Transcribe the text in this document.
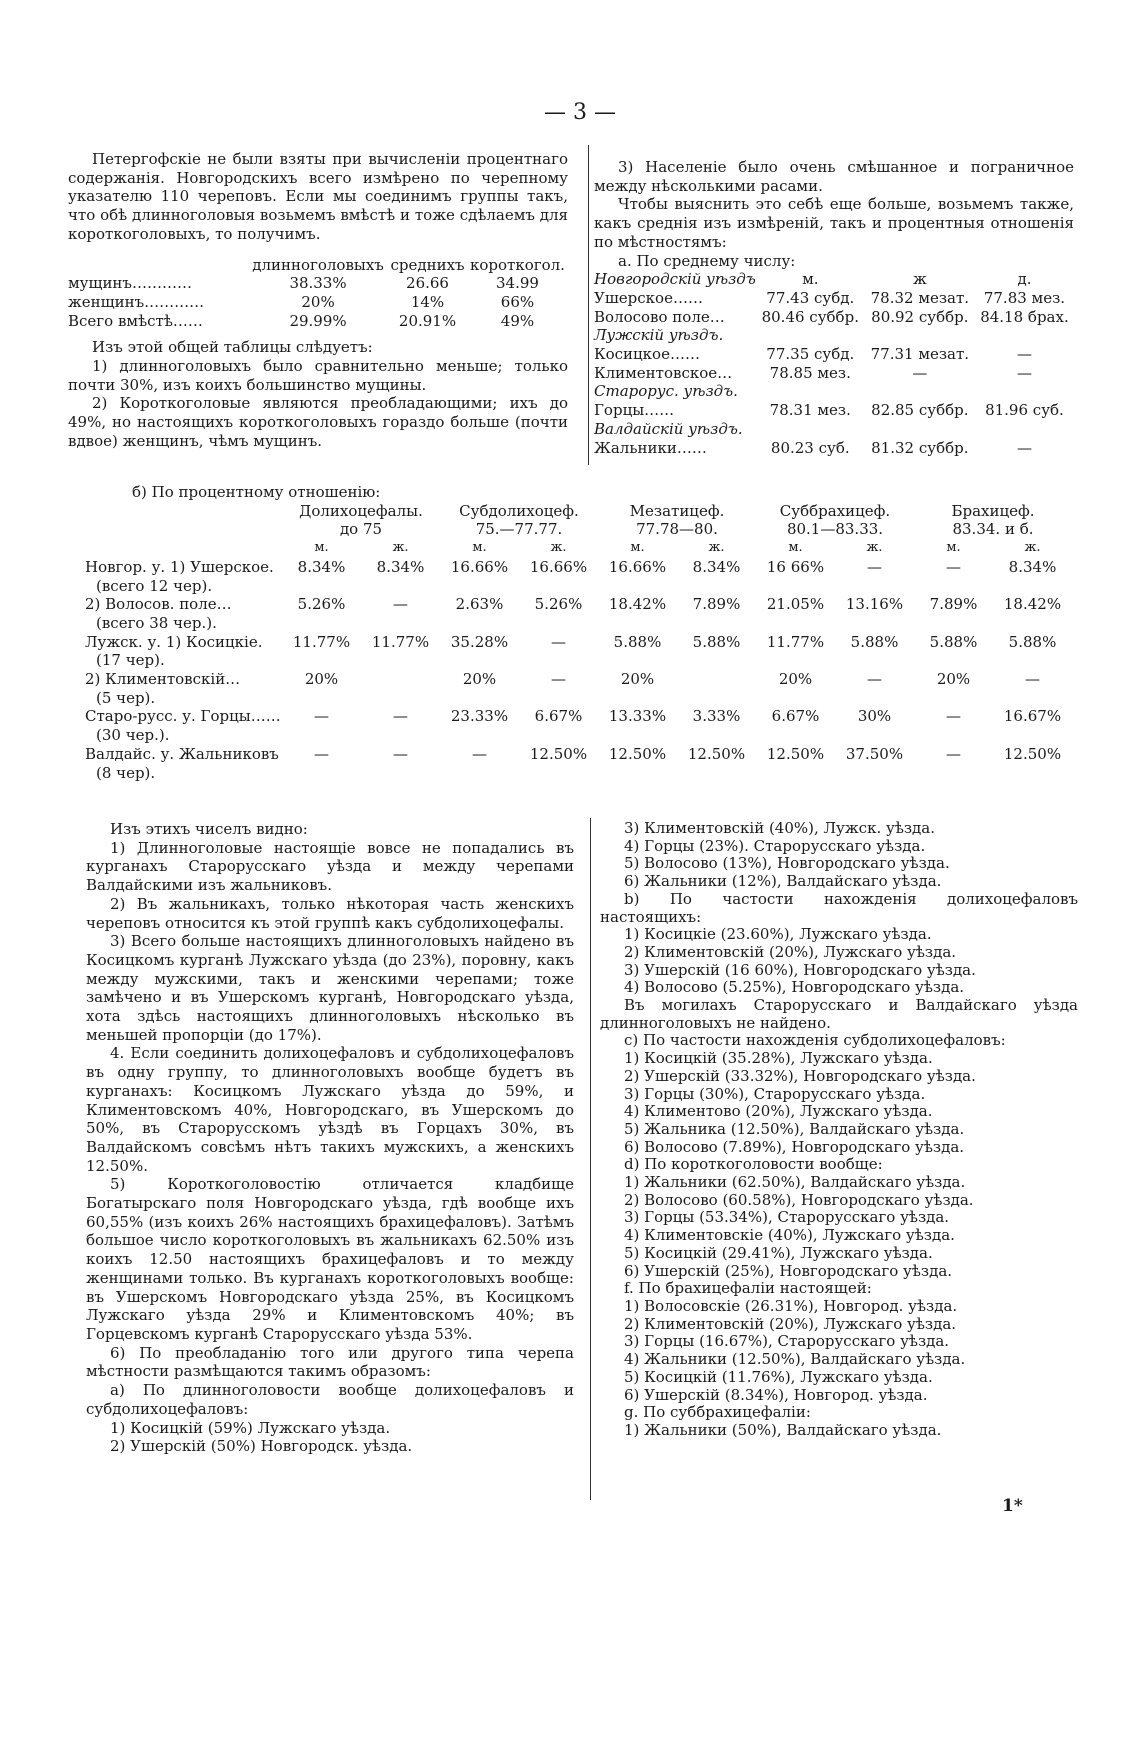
— 3 —

Петергофскіе не были взяты при вычисленіи процентнаго содержанія. Новгородскихъ всего измѣрено по черепному указателю 110 череповъ. Если мы соединимъ группы такъ, что обѣ длинноголовыя возьмемъ вмѣстѣ и тоже сдѣлаемъ для короткоголовыхъ, то получимъ.

	длинноголовыхъ	среднихъ	короткогол.
мущинъ…………	38.33%	26.66	34.99
женщинъ…………	20%	14%	66%
Всего вмѣстѣ……	29.99%	20.91%	49%

Изъ этой общей таблицы слѣдуетъ:

1) длинноголовыхъ было сравнительно меньше; только почти 30%, изъ коихъ большинство мущины.

2) Короткоголовые являются преобладающими; ихъ до 49%, но настоящихъ короткоголовыхъ гораздо больше (почти вдвое) женщинъ, чѣмъ мущинъ.

3) Населеніе было очень смѣшанное и пограничное между нѣсколькими расами.

Чтобы выяснить это себѣ еще больше, возьмемъ также, какъ среднія изъ измѣреній, такъ и процентныя отношенія по мѣстностямъ:

а. По среднему числу:

Новгородскій уѣздъ	м.	ж	д.
Ушерское……	77.43 субд.	78.32 мезат.	77.83 мез.
Волосово поле…	80.46 суббр.	80.92 суббр.	84.18 брах.
Лужскій уѣздъ.			
Косицкое……	77.35 субд.	77.31 мезат.	—
Климентовское…	78.85 мез.	—	—
Старорус. уѣздъ.			
Горцы……	78.31 мез.	82.85 суббр.	81.96 суб.
Валдайскій уѣздъ.			
Жальники……	80.23 суб.	81.32 суббр.	—

б) По процентному отношенію:

	Долихоцефалы.		Субдолихоцеф.		Мезатицеф.		Суббрахицеф.		Брахицеф.	
	до 75		75.—77.77.		77.78—80.		80.1—83.33.		83.34. и б.	
	м.	ж.	м.	ж.	м.	ж.	м.	ж.	м.	ж.
Новгор. у. 1) Ушерское.	8.34%	8.34%	16.66%	16.66%	16.66%	8.34%	16 66%	—	—	8.34%
(всего 12 чер).										
2) Волосов. поле…	5.26%	—	2.63%	5.26%	18.42%	7.89%	21.05%	13.16%	7.89%	18.42%
(всего 38 чер.).										
Лужск. у. 1) Косицкіе.	11.77%	11.77%	35.28%	—	5.88%	5.88%	11.77%	5.88%	5.88%	5.88%
(17 чер).										
2) Климентовскій…	20%		20%	—	20%		20%	—	20%	—
(5 чер).										
Старо-русс. у. Горцы……	—	—	23.33%	6.67%	13.33%	3.33%	6.67%	30%	—	16.67%
(30 чер.).										
Валдайс. у. Жальниковъ	—	—	—	12.50%	12.50%	12.50%	12.50%	37.50%	—	12.50%
(8 чер).										

Изъ этихъ чиселъ видно:

1) Длинноголовые настоящіе вовсе не попадались въ курганахъ Старорусскаго уѣзда и между черепами Валдайскими изъ жальниковъ.

2) Въ жальникахъ, только нѣкоторая часть женскихъ череповъ относится къ этой группѣ какъ субдолихоцефалы.

3) Всего больше настоящихъ длинноголовыхъ найдено въ Косицкомъ курганѣ Лужскаго уѣзда (до 23%), поровну, какъ между мужскими, такъ и женскими черепами; тоже замѣчено и въ Ушерскомъ курганѣ, Новгородскаго уѣзда, хота здѣсь настоящихъ длинноголовыхъ нѣсколько въ меньшей пропорціи (до 17%).

4. Если соединить долихоцефаловъ и субдолихоцефаловъ въ одну группу, то длинноголовыхъ вообще будетъ въ курганахъ: Косицкомъ Лужскаго уѣзда до 59%, и Климентовскомъ 40%, Новгородскаго, въ Ушерскомъ до 50%, въ Старорусскомъ уѣздѣ въ Горцахъ 30%, въ Валдайскомъ совсѣмъ нѣтъ такихъ мужскихъ, а женскихъ 12.50%.

5) Короткоголовостію отличается кладбище Богатырскаго поля Новгородскаго уѣзда, гдѣ вообще ихъ 60,55% (изъ коихъ 26% настоящихъ брахицефаловъ). Затѣмъ большое число короткоголовыхъ въ жальникахъ 62.50% изъ коихъ 12.50 настоящихъ брахицефаловъ и то между женщинами только. Въ курганахъ короткоголовыхъ вообще: въ Ушерскомъ Новгородскаго уѣзда 25%, въ Косицкомъ Лужскаго уѣзда 29% и Климентовскомъ 40%; въ Горцевскомъ курганѣ Старорусскаго уѣзда 53%.

6) По преобладанію того или другого типа черепа мѣстности размѣщаются такимъ образомъ:

а) По длинноголовости вообще долихоцефаловъ и субдолихоцефаловъ:

1) Косицкій (59%) Лужскаго уѣзда.

2) Ушерскій (50%) Новгородск. уѣзда.

3) Климентовскій (40%), Лужск. уѣзда.

4) Горцы (23%). Старорусскаго уѣзда.

5) Волосово (13%), Новгородскаго уѣзда.

6) Жальники (12%), Валдайскаго уѣзда.

b) По частости нахожденія долихоцефаловъ настоящихъ:

1) Косицкіе (23.60%), Лужскаго уѣзда.

2) Климентовскій (20%), Лужскаго уѣзда.

3) Ушерскій (16 60%), Новгородскаго уѣзда.

4) Волосово (5.25%), Новгородскаго уѣзда.

Въ могилахъ Старорусскаго и Валдайскаго уѣзда длинноголовыхъ не найдено.

c) По частости нахожденія субдолихоцефаловъ:

1) Косицкій (35.28%), Лужскаго уѣзда.

2) Ушерскій (33.32%), Новгородскаго уѣзда.

3) Горцы (30%), Старорусскаго уѣзда.

4) Климентово (20%), Лужскаго уѣзда.

5) Жальника (12.50%), Валдайскаго уѣзда.

6) Волосово (7.89%), Новгородскаго уѣзда.

d) По короткоголовости вообще:

1) Жальники (62.50%), Валдайскаго уѣзда.

2) Волосово (60.58%), Новгородскаго уѣзда.

3) Горцы (53.34%), Старорусскаго уѣзда.

4) Климентовскіе (40%), Лужскаго уѣзда.

5) Косицкій (29.41%), Лужскаго уѣзда.

6) Ушерскій (25%), Новгородскаго уѣзда.

f. По брахицефаліи настоящей:

1) Волосовскіе (26.31%), Новгород. уѣзда.

2) Климентовскій (20%), Лужскаго уѣзда.

3) Горцы (16.67%), Старорусскаго уѣзда.

4) Жальники (12.50%), Валдайскаго уѣзда.

5) Косицкій (11.76%), Лужскаго уѣзда.

6) Ушерскій (8.34%), Новгород. уѣзда.

g. По суббрахицефаліи:

1) Жальники (50%), Валдайскаго уѣзда.

1*
